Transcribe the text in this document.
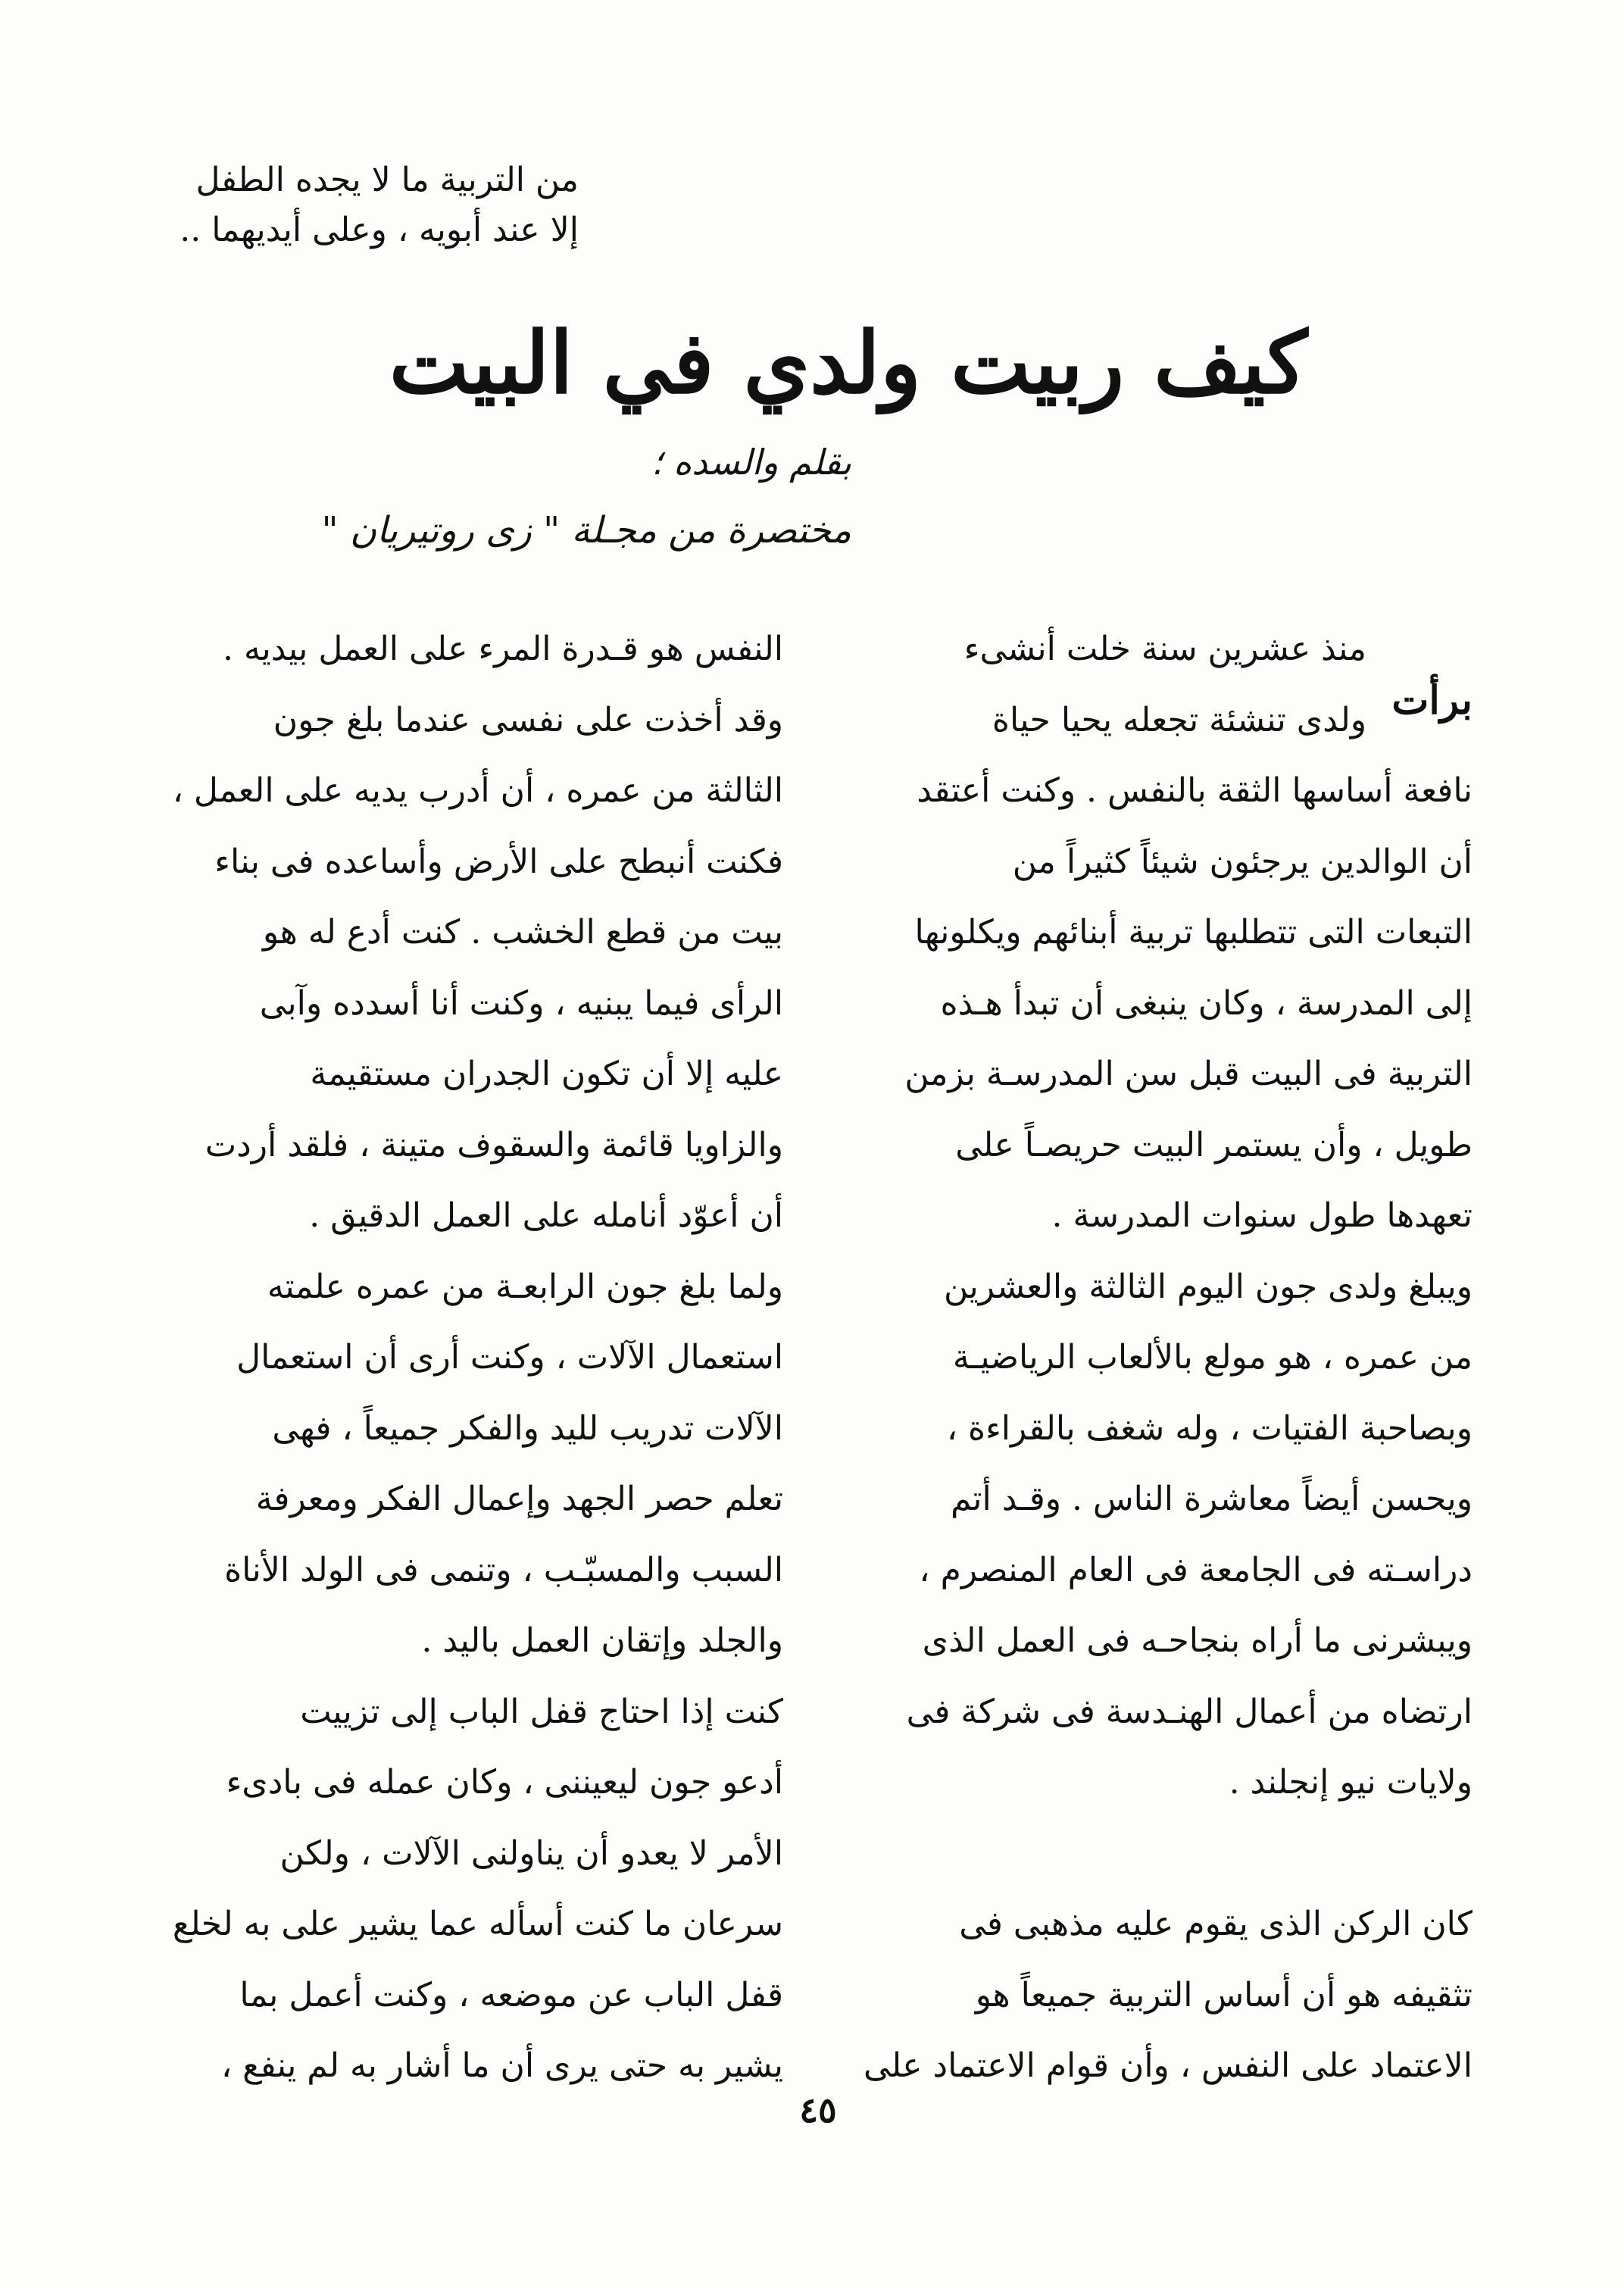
من التربية ما لا يجده الطفل
إلا عند أبويه ، وعلى أيديهما ..
كيف ربيت ولدي في البيت
بقلم والسده ؛
مختصرة من مجـلة " زى روتيريان "
برأت
منذ عشرين سنة خلت أنشىء
ولدى تنشئة تجعله يحيا حياة
نافعة أساسها الثقة بالنفس . وكنت أعتقد
أن الوالدين يرجئون شيئاً كثيراً من
التبعات التى تتطلبها تربية أبنائهم ويكلونها
إلى المدرسة ، وكان ينبغى أن تبدأ هـذه
التربية فى البيت قبل سن المدرسـة بزمن
طويل ، وأن يستمر البيت حريصـاً على
تعهدها طول سنوات المدرسة .
ويبلغ ولدى جون اليوم الثالثة والعشرين
من عمره ، هو مولع بالألعاب الرياضيـة
وبصاحبة الفتيات ، وله شغف بالقراءة ،
ويحسن أيضاً معاشرة الناس . وقـد أتم
دراسـته فى الجامعة فى العام المنصرم ،
ويبشرنى ما أراه بنجاحـه فى العمل الذى
ارتضاه من أعمال الهنـدسة فى شركة فى
ولايات نيو إنجلند .
كان الركن الذى يقوم عليه مذهبى فى
تثقيفه هو أن أساس التربية جميعاً هو
الاعتماد على النفس ، وأن قوام الاعتماد على
النفس هو قـدرة المرء على العمل بيديه .
وقد أخذت على نفسى عندما بلغ جون
الثالثة من عمره ، أن أدرب يديه على العمل ،
فكنت أنبطح على الأرض وأساعده فى بناء
بيت من قطع الخشب . كنت أدع له هو
الرأى فيما يبنيه ، وكنت أنا أسدده وآبى
عليه إلا أن تكون الجدران مستقيمة
والزاويا قائمة والسقوف متينة ، فلقد أردت
أن أعوّد أنامله على العمل الدقيق .
ولما بلغ جون الرابعـة من عمره علمته
استعمال الآلات ، وكنت أرى أن استعمال
الآلات تدريب لليد والفكر جميعاً ، فهى
تعلم حصر الجهد وإعمال الفكر ومعرفة
السبب والمسبّـب ، وتنمى فى الولد الأناة
والجلد وإتقان العمل باليد .
كنت إذا احتاج قفل الباب إلى تزييت
أدعو جون ليعيننى ، وكان عمله فى بادىء
الأمر لا يعدو أن يناولنى الآلات ، ولكن
سرعان ما كنت أسأله عما يشير على به لخلع
قفل الباب عن موضعه ، وكنت أعمل بما
يشير به حتى يرى أن ما أشار به لم ينفع ،
٤٥
